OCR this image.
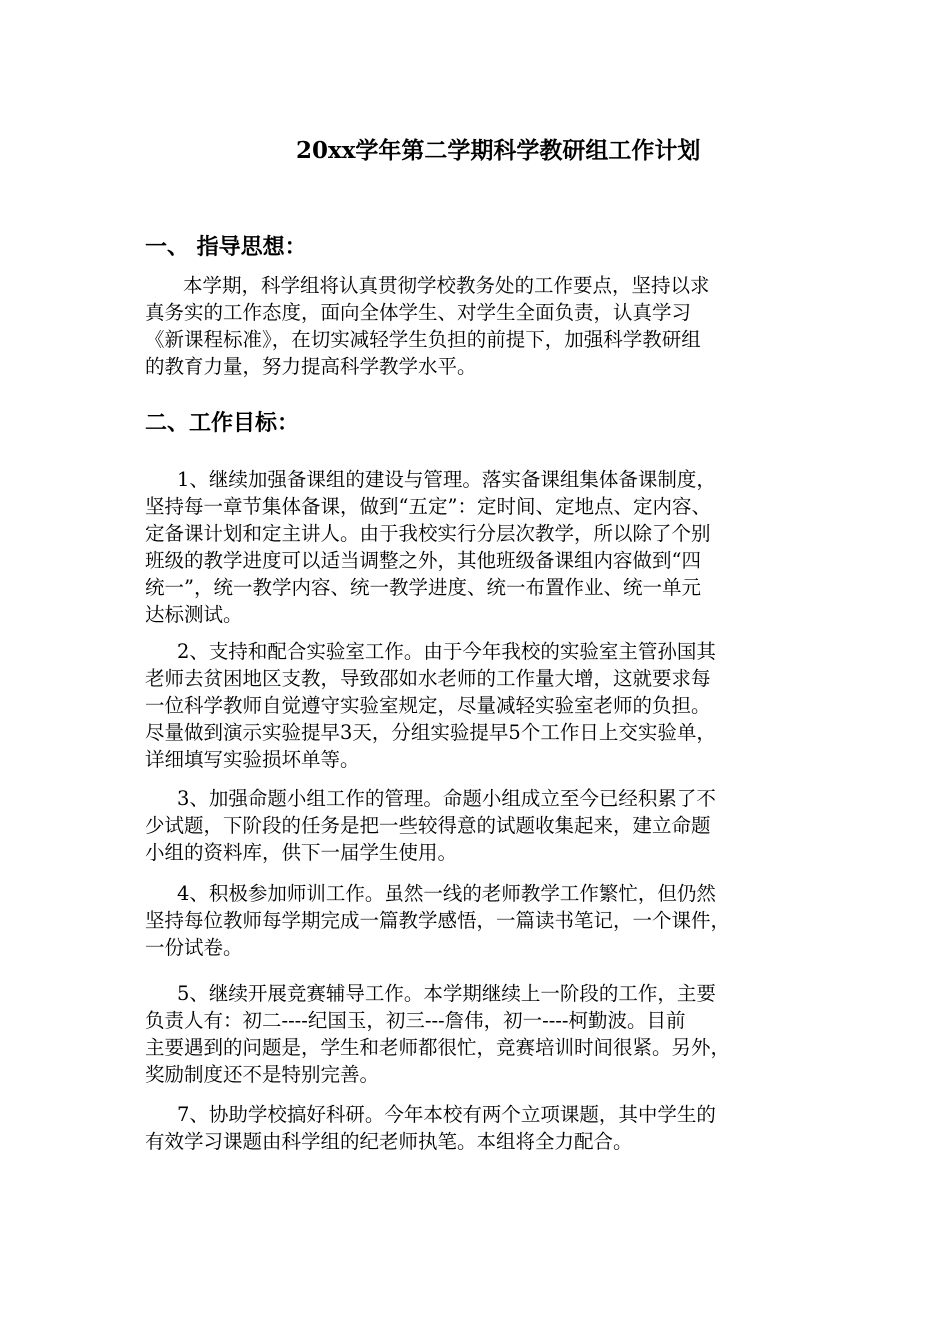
20xx学年第二学期科学教研组工作计划
一、 指导思想：
本学期，科学组将认真贯彻学校教务处的工作要点，坚持以求
真务实的工作态度，面向全体学生、对学生全面负责，认真学习
《新课程标准》，在切实减轻学生负担的前提下，加强科学教研组
的教育力量，努力提高科学教学水平。
二、工作目标：
1、继续加强备课组的建设与管理。落实备课组集体备课制度，
坚持每一章节集体备课，做到“五定”：定时间、定地点、定内容、
定备课计划和定主讲人。由于我校实行分层次教学，所以除了个别
班级的教学进度可以适当调整之外，其他班级备课组内容做到“四
统一”，统一教学内容、统一教学进度、统一布置作业、统一单元
达标测试。
2、支持和配合实验室工作。由于今年我校的实验室主管孙国其
老师去贫困地区支教，导致邵如水老师的工作量大增，这就要求每
一位科学教师自觉遵守实验室规定，尽量减轻实验室老师的负担。
尽量做到演示实验提早3天，分组实验提早5个工作日上交实验单，
详细填写实验损坏单等。
3、加强命题小组工作的管理。命题小组成立至今已经积累了不
少试题，下阶段的任务是把一些较得意的试题收集起来，建立命题
小组的资料库，供下一届学生使用。
4、积极参加师训工作。虽然一线的老师教学工作繁忙，但仍然
坚持每位教师每学期完成一篇教学感悟，一篇读书笔记，一个课件，
一份试卷。
5、继续开展竞赛辅导工作。本学期继续上一阶段的工作，主要
负责人有：初二----纪国玉，初三---詹伟，初一----柯勤波。目前
主要遇到的问题是，学生和老师都很忙，竞赛培训时间很紧。另外，
奖励制度还不是特别完善。
7、协助学校搞好科研。今年本校有两个立项课题，其中学生的
有效学习课题由科学组的纪老师执笔。本组将全力配合。
